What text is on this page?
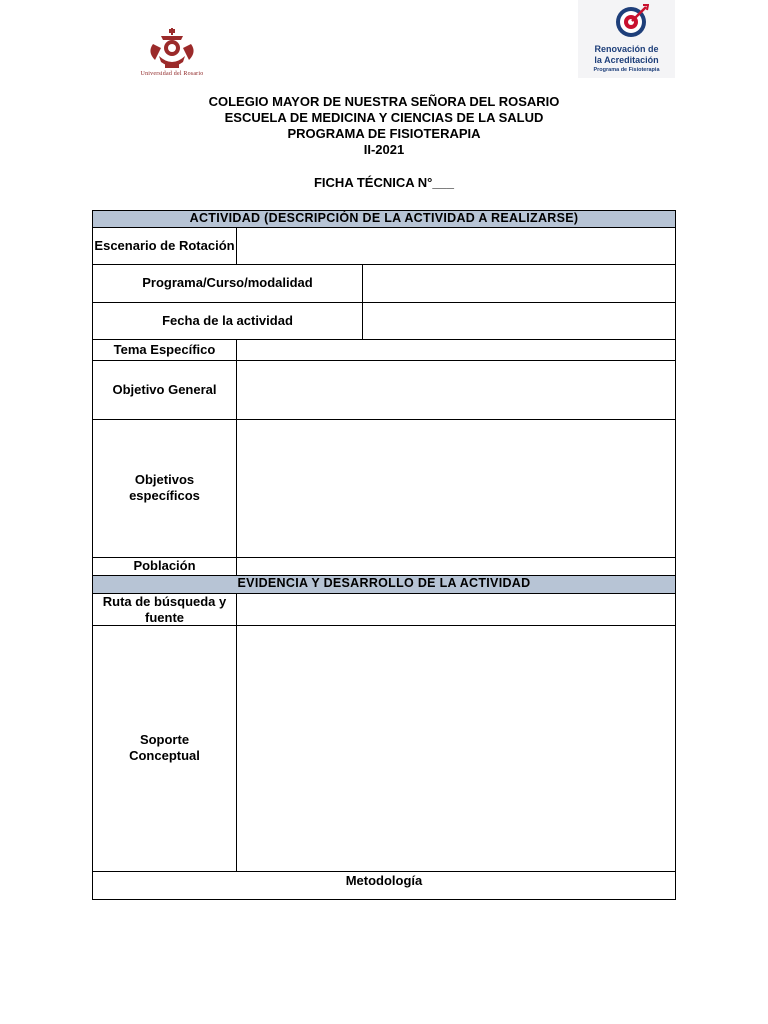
Universidad del Rosario
Renovación de
la Acreditación
Programa de Fisioterapia
COLEGIO MAYOR DE NUESTRA SEÑORA DEL ROSARIO
ESCUELA DE MEDICINA Y CIENCIAS DE LA SALUD
PROGRAMA DE FISIOTERAPIA
II-2021
FICHA TÉCNICA N°___
ACTIVIDAD (DESCRIPCIÓN DE LA ACTIVIDAD A REALIZARSE)
Escenario de Rotación
Programa/Curso/modalidad
Fecha de la actividad
Tema Específico
Objetivo General
Objetivos específicos
Población
EVIDENCIA Y DESARROLLO DE LA ACTIVIDAD
Ruta de búsqueda y fuente
Soporte Conceptual
Metodología
